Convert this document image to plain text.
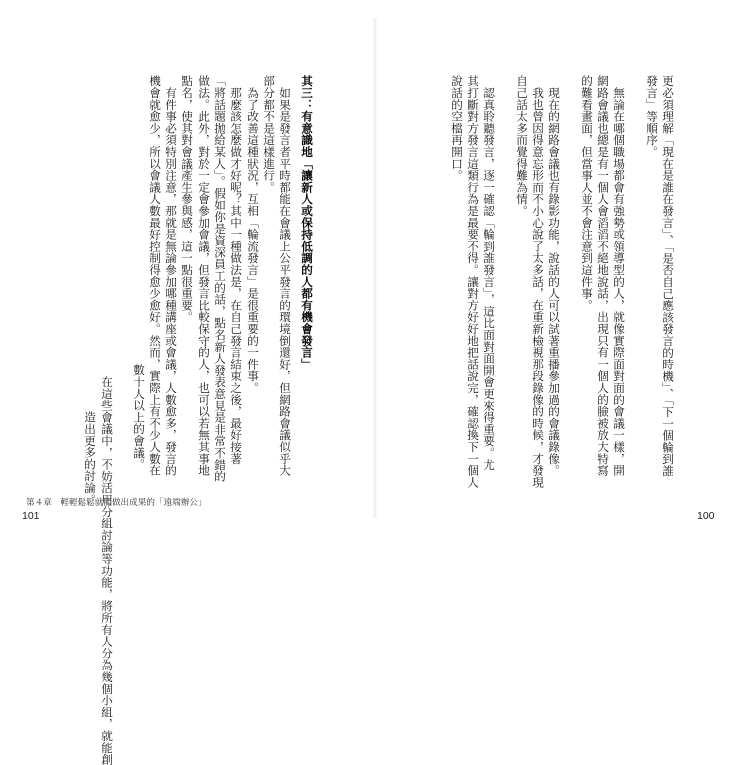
造出更多的討論。 　在這些會議中，不妨活用分組討論等功能，將所有人分為幾個小組，就能創 數十人以上的會議。 機會就愈少，所以會議人數最好控制得愈少愈好。然而，實際上有不少人數在 　有件事必須特別注意，那就是無論參加哪種講座或會議，人數愈多，發言的 點名，使其對會議產生參與感，這一點很重要。 做法。此外，對於一定會參加會議，但發言比較保守的人，也可以若無其事地 「將話題拋給某人」。假如你是資深員工的話，點名新人發表意見是非常不錯的 　那麼該怎麼做才好呢？其中一種做法是，在自己發言結束之後，最好接著 　為了改善這種狀況，互相「輪流發言」是很重要的一件事。 部分都不是這樣進行。 　如果是發言者平時都能在會議上公平發言的環境倒還好，但網路會議似乎大 其三：有意識地「讓新人或保持低調的人都有機會發言」
第４章　輕輕鬆鬆就能做出成果的「遠端辦公」
101
說話的空檔再開口。 其打斷對方發言這類行為是最要不得。讓對方好好地把話說完，確認換下一個人 　認真聆聽發言，逐一確認「輪到誰發言」，這比面對面開會更來得重要。尤 自己話太多而覺得難為情。 　我也曾因得意忘形而不小心說了太多話，在重新檢視那段錄像的時候，才發現 　現在的網路會議也有錄影功能，說話的人可以試著重播參加過的會議錄像。 的難看畫面，但當事人並不會注意到這件事。 網路會議也總是有一個人會滔滔不絕地說話，出現只有一個人的臉被放大特寫 　無論在哪個職場都會有強勢或領導型的人，就像實際面對面的會議一樣，開 發言」等順序。 更必須理解「現在是誰在發言」、「是否自己應該發言的時機」、「下一個輪到誰
100
